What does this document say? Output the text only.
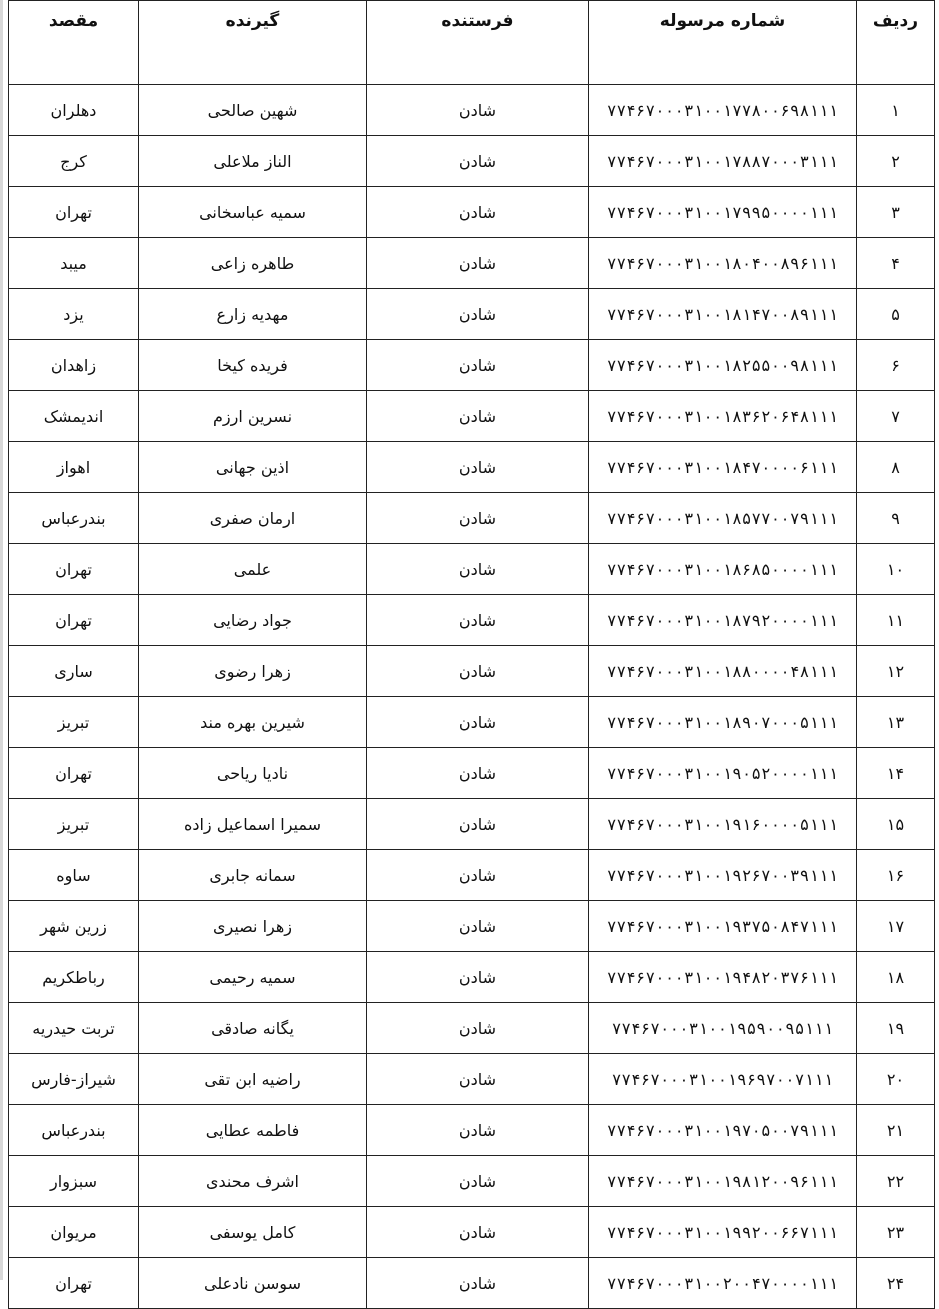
ردیف	شماره مرسوله	فرستنده	گیرنده	مقصد
۱	۷۷۴۶۷۰۰۰۳۱۰۰۱۷۷۸۰۰۶۹۸۱۱۱	شادن	شهین صالحی	دهلران
۲	۷۷۴۶۷۰۰۰۳۱۰۰۱۷۸۸۷۰۰۰۳۱۱۱	شادن	الناز ملاعلی	کرج
۳	۷۷۴۶۷۰۰۰۳۱۰۰۱۷۹۹۵۰۰۰۰۱۱۱	شادن	سمیه عباسخانی	تهران
۴	۷۷۴۶۷۰۰۰۳۱۰۰۱۸۰۴۰۰۸۹۶۱۱۱	شادن	طاهره زاعی	میبد
۵	۷۷۴۶۷۰۰۰۳۱۰۰۱۸۱۴۷۰۰۸۹۱۱۱	شادن	مهدیه زارع	یزد
۶	۷۷۴۶۷۰۰۰۳۱۰۰۱۸۲۵۵۰۰۹۸۱۱۱	شادن	فریده کیخا	زاهدان
۷	۷۷۴۶۷۰۰۰۳۱۰۰۱۸۳۶۲۰۶۴۸۱۱۱	شادن	نسرین ارزم	اندیمشک
۸	۷۷۴۶۷۰۰۰۳۱۰۰۱۸۴۷۰۰۰۰۶۱۱۱	شادن	اذین جهانی	اهواز
۹	۷۷۴۶۷۰۰۰۳۱۰۰۱۸۵۷۷۰۰۷۹۱۱۱	شادن	ارمان صفری	بندرعباس
۱۰	۷۷۴۶۷۰۰۰۳۱۰۰۱۸۶۸۵۰۰۰۰۱۱۱	شادن	علمی	تهران
۱۱	۷۷۴۶۷۰۰۰۳۱۰۰۱۸۷۹۲۰۰۰۰۱۱۱	شادن	جواد رضایی	تهران
۱۲	۷۷۴۶۷۰۰۰۳۱۰۰۱۸۸۰۰۰۰۴۸۱۱۱	شادن	زهرا رضوی	ساری
۱۳	۷۷۴۶۷۰۰۰۳۱۰۰۱۸۹۰۷۰۰۰۵۱۱۱	شادن	شیرین بهره مند	تبریز
۱۴	۷۷۴۶۷۰۰۰۳۱۰۰۱۹۰۵۲۰۰۰۰۱۱۱	شادن	نادیا ریاحی	تهران
۱۵	۷۷۴۶۷۰۰۰۳۱۰۰۱۹۱۶۰۰۰۰۵۱۱۱	شادن	سمیرا اسماعیل زاده	تبریز
۱۶	۷۷۴۶۷۰۰۰۳۱۰۰۱۹۲۶۷۰۰۳۹۱۱۱	شادن	سمانه جابری	ساوه
۱۷	۷۷۴۶۷۰۰۰۳۱۰۰۱۹۳۷۵۰۸۴۷۱۱۱	شادن	زهرا نصیری	زرین شهر
۱۸	۷۷۴۶۷۰۰۰۳۱۰۰۱۹۴۸۲۰۳۷۶۱۱۱	شادن	سمیه رحیمی	رباطکریم
۱۹	۷۷۴۶۷۰۰۰۳۱۰۰۱۹۵۹۰۰۹۵۱۱۱	شادن	یگانه صادقی	تربت حیدریه
۲۰	۷۷۴۶۷۰۰۰۳۱۰۰۱۹۶۹۷۰۰۷۱۱۱	شادن	راضیه ابن تقی	شیراز-فارس
۲۱	۷۷۴۶۷۰۰۰۳۱۰۰۱۹۷۰۵۰۰۷۹۱۱۱	شادن	فاطمه عطایی	بندرعباس
۲۲	۷۷۴۶۷۰۰۰۳۱۰۰۱۹۸۱۲۰۰۹۶۱۱۱	شادن	اشرف محندی	سبزوار
۲۳	۷۷۴۶۷۰۰۰۳۱۰۰۱۹۹۲۰۰۶۶۷۱۱۱	شادن	کامل یوسفی	مریوان
۲۴	۷۷۴۶۷۰۰۰۳۱۰۰۲۰۰۴۷۰۰۰۰۱۱۱	شادن	سوسن نادعلی	تهران
